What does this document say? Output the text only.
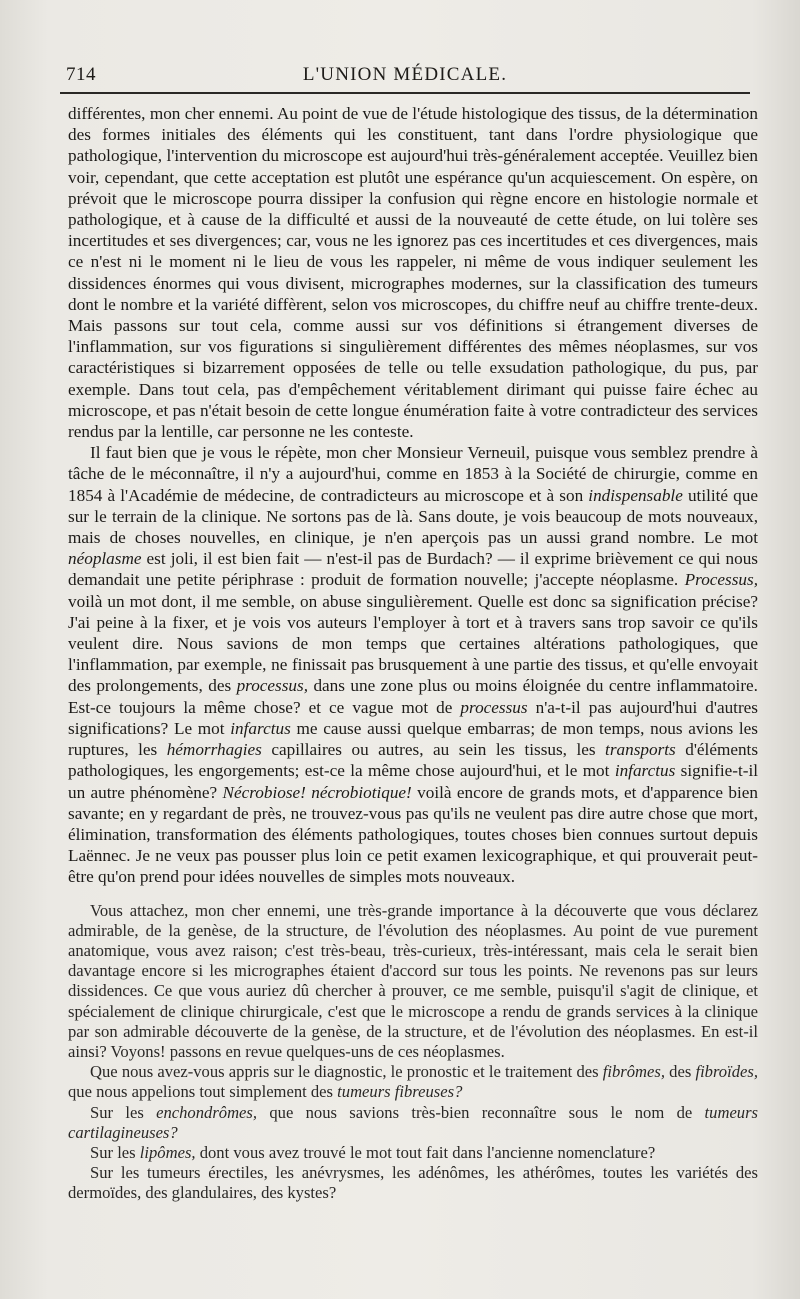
714	L'UNION MÉDICALE.

différentes, mon cher ennemi. Au point de vue de l'étude histologique des tissus, de la détermination des formes initiales des éléments qui les constituent, tant dans l'ordre physiologique que pathologique, l'intervention du microscope est aujourd'hui très-généralement acceptée. Veuillez bien voir, cependant, que cette acceptation est plutôt une espérance qu'un acquiescement. On espère, on prévoit que le microscope pourra dissiper la confusion qui règne encore en histologie normale et pathologique, et à cause de la difficulté et aussi de la nouveauté de cette étude, on lui tolère ses incertitudes et ses divergences; car, vous ne les ignorez pas ces incertitudes et ces divergences, mais ce n'est ni le moment ni le lieu de vous les rappeler, ni même de vous indiquer seulement les dissidences énormes qui vous divisent, micrographes modernes, sur la classification des tumeurs dont le nombre et la variété diffèrent, selon vos microscopes, du chiffre neuf au chiffre trente-deux. Mais passons sur tout cela, comme aussi sur vos définitions si étrangement diverses de l'inflammation, sur vos figurations si singulièrement différentes des mêmes néoplasmes, sur vos caractéristiques si bizarrement opposées de telle ou telle exsudation pathologique, du pus, par exemple. Dans tout cela, pas d'empêchement véritablement dirimant qui puisse faire échec au microscope, et pas n'était besoin de cette longue énumération faite à votre contradicteur des services rendus par la lentille, car personne ne les conteste.

Il faut bien que je vous le répète, mon cher Monsieur Verneuil, puisque vous semblez prendre à tâche de le méconnaître, il n'y a aujourd'hui, comme en 1853 à la Société de chirurgie, comme en 1854 à l'Académie de médecine, de contradicteurs au microscope et à son indispensable utilité que sur le terrain de la clinique. Ne sortons pas de là. Sans doute, je vois beaucoup de mots nouveaux, mais de choses nouvelles, en clinique, je n'en aperçois pas un aussi grand nombre. Le mot néoplasme est joli, il est bien fait — n'est-il pas de Burdach? — il exprime brièvement ce qui nous demandait une petite périphrase : produit de formation nouvelle; j'accepte néoplasme. Processus, voilà un mot dont, il me semble, on abuse singulièrement. Quelle est donc sa signification précise? J'ai peine à la fixer, et je vois vos auteurs l'employer à tort et à travers sans trop savoir ce qu'ils veulent dire. Nous savions de mon temps que certaines altérations pathologiques, que l'inflammation, par exemple, ne finissait pas brusquement à une partie des tissus, et qu'elle envoyait des prolongements, des processus, dans une zone plus ou moins éloignée du centre inflammatoire. Est-ce toujours la même chose? et ce vague mot de processus n'a-t-il pas aujourd'hui d'autres significations? Le mot infarctus me cause aussi quelque embarras; de mon temps, nous avions les ruptures, les hémorrhagies capillaires ou autres, au sein les tissus, les transports d'éléments pathologiques, les engorgements; est-ce la même chose aujourd'hui, et le mot infarctus signifie-t-il un autre phénomène? Nécrobiose! nécrobiotique! voilà encore de grands mots, et d'apparence bien savante; en y regardant de près, ne trouvez-vous pas qu'ils ne veulent pas dire autre chose que mort, élimination, transformation des éléments pathologiques, toutes choses bien connues surtout depuis Laënnec. Je ne veux pas pousser plus loin ce petit examen lexicographique, et qui prouverait peut-être qu'on prend pour idées nouvelles de simples mots nouveaux.

Vous attachez, mon cher ennemi, une très-grande importance à la découverte que vous déclarez admirable, de la genèse, de la structure, de l'évolution des néoplasmes. Au point de vue purement anatomique, vous avez raison; c'est très-beau, très-curieux, très-intéressant, mais cela le serait bien davantage encore si les micrographes étaient d'accord sur tous les points. Ne revenons pas sur leurs dissidences. Ce que vous auriez dû chercher à prouver, ce me semble, puisqu'il s'agit de clinique, et spécialement de clinique chirurgicale, c'est que le microscope a rendu de grands services à la clinique par son admirable découverte de la genèse, de la structure, et de l'évolution des néoplasmes. En est-il ainsi? Voyons! passons en revue quelques-uns de ces néoplasmes.

Que nous avez-vous appris sur le diagnostic, le pronostic et le traitement des fibrômes, des fibroïdes, que nous appelions tout simplement des tumeurs fibreuses?

Sur les enchondrômes, que nous savions très-bien reconnaître sous le nom de tumeurs cartilagineuses?

Sur les lipômes, dont vous avez trouvé le mot tout fait dans l'ancienne nomenclature?

Sur les tumeurs érectiles, les anévrysmes, les adénômes, les athérômes, toutes les variétés des dermoïdes, des glandulaires, des kystes?
